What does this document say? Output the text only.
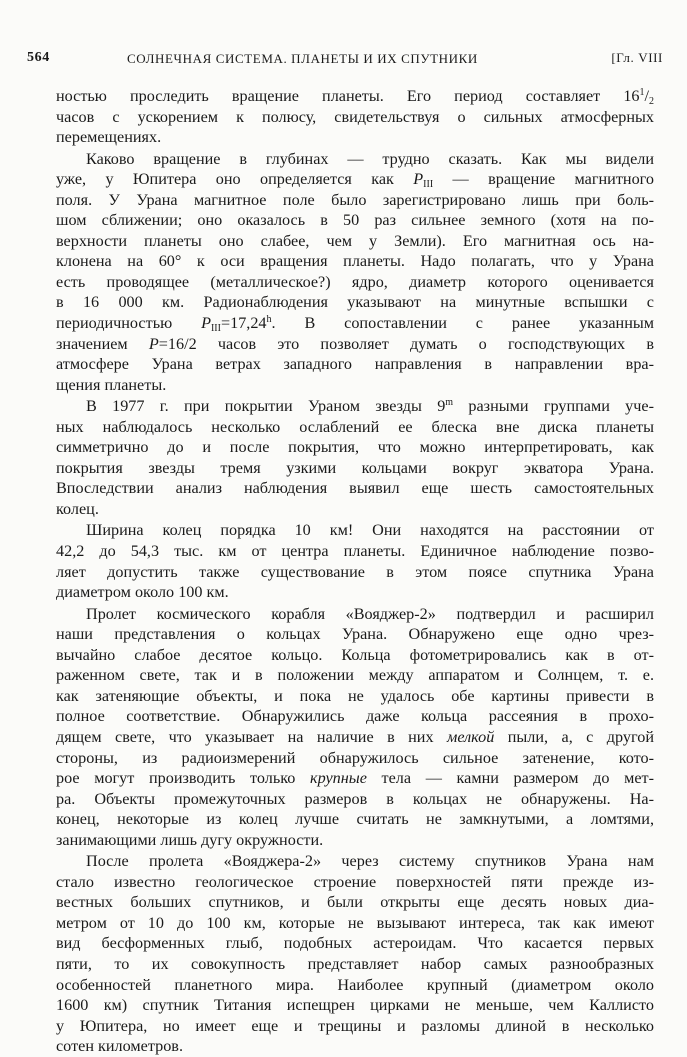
564	СОЛНЕЧНАЯ СИСТЕМА. ПЛАНЕТЫ И ИХ СПУТНИКИ	[Гл. VIII
ностью проследить вращение планеты. Его период составляет $16^1/_2$
часов с ускорением к полюсу, свидетельствуя о сильных атмосферных
перемещениях.
Каково вращение в глубинах — трудно сказать. Как мы видели
уже, у Юпитера оно определяется как $P_{III}$ — вращение магнитного
поля. У Урана магнитное поле было зарегистрировано лишь при боль-
шом сближении; оно оказалось в 50 раз сильнее земного (хотя на по-
верхности планеты оно слабее, чем у Земли). Его магнитная ось на-
клонена на 60° к оси вращения планеты. Надо полагать, что у Урана
есть проводящее (металлическое?) ядро, диаметр которого оценивается
в 16 000 км. Радионаблюдения указывают на минутные вспышки с
периодичностью $P_{III}=17,24^h$. В сопоставлении с ранее указанным
значением P=16/2 часов это позволяет думать о господствующих в
атмосфере Урана ветрах западного направления в направлении вра-
щения планеты.
В 1977 г. при покрытии Ураном звезды 9$^m$ разными группами уче-
ных наблюдалось несколько ослаблений ее блеска вне диска планеты
симметрично до и после покрытия, что можно интерпретировать, как
покрытия звезды тремя узкими кольцами вокруг экватора Урана.
Впоследствии анализ наблюдения выявил еще шесть самостоятельных
колец.
Ширина колец порядка 10 км! Они находятся на расстоянии от
42,2 до 54,3 тыс. км от центра планеты. Единичное наблюдение позво-
ляет допустить также существование в этом поясе спутника Урана
диаметром около 100 км.
Пролет космического корабля «Вояджер-2» подтвердил и расширил
наши представления о кольцах Урана. Обнаружено еще одно чрез-
вычайно слабое десятое кольцо. Кольца фотометрировались как в от-
раженном свете, так и в положении между аппаратом и Солнцем, т. е.
как затеняющие объекты, и пока не удалось обе картины привести в
полное соответствие. Обнаружились даже кольца рассеяния в прохо-
дящем свете, что указывает на наличие в них мелкой пыли, а, с другой
стороны, из радиоизмерений обнаружилось сильное затенение, кото-
рое могут производить только крупные тела — камни размером до мет-
ра. Объекты промежуточных размеров в кольцах не обнаружены. На-
конец, некоторые из колец лучше считать не замкнутыми, а ломтями,
занимающими лишь дугу окружности.
После пролета «Вояджера-2» через систему спутников Урана нам
стало известно геологическое строение поверхностей пяти прежде из-
вестных больших спутников, и были открыты еще десять новых диа-
метром от 10 до 100 км, которые не вызывают интереса, так как имеют
вид бесформенных глыб, подобных астероидам. Что касается первых
пяти, то их совокупность представляет набор самых разнообразных
особенностей планетного мира. Наиболее крупный (диаметром около
1600 км) спутник Титания испещрен цирками не меньше, чем Каллисто
у Юпитера, но имеет еще и трещины и разломы длиной в несколько
сотен километров.
